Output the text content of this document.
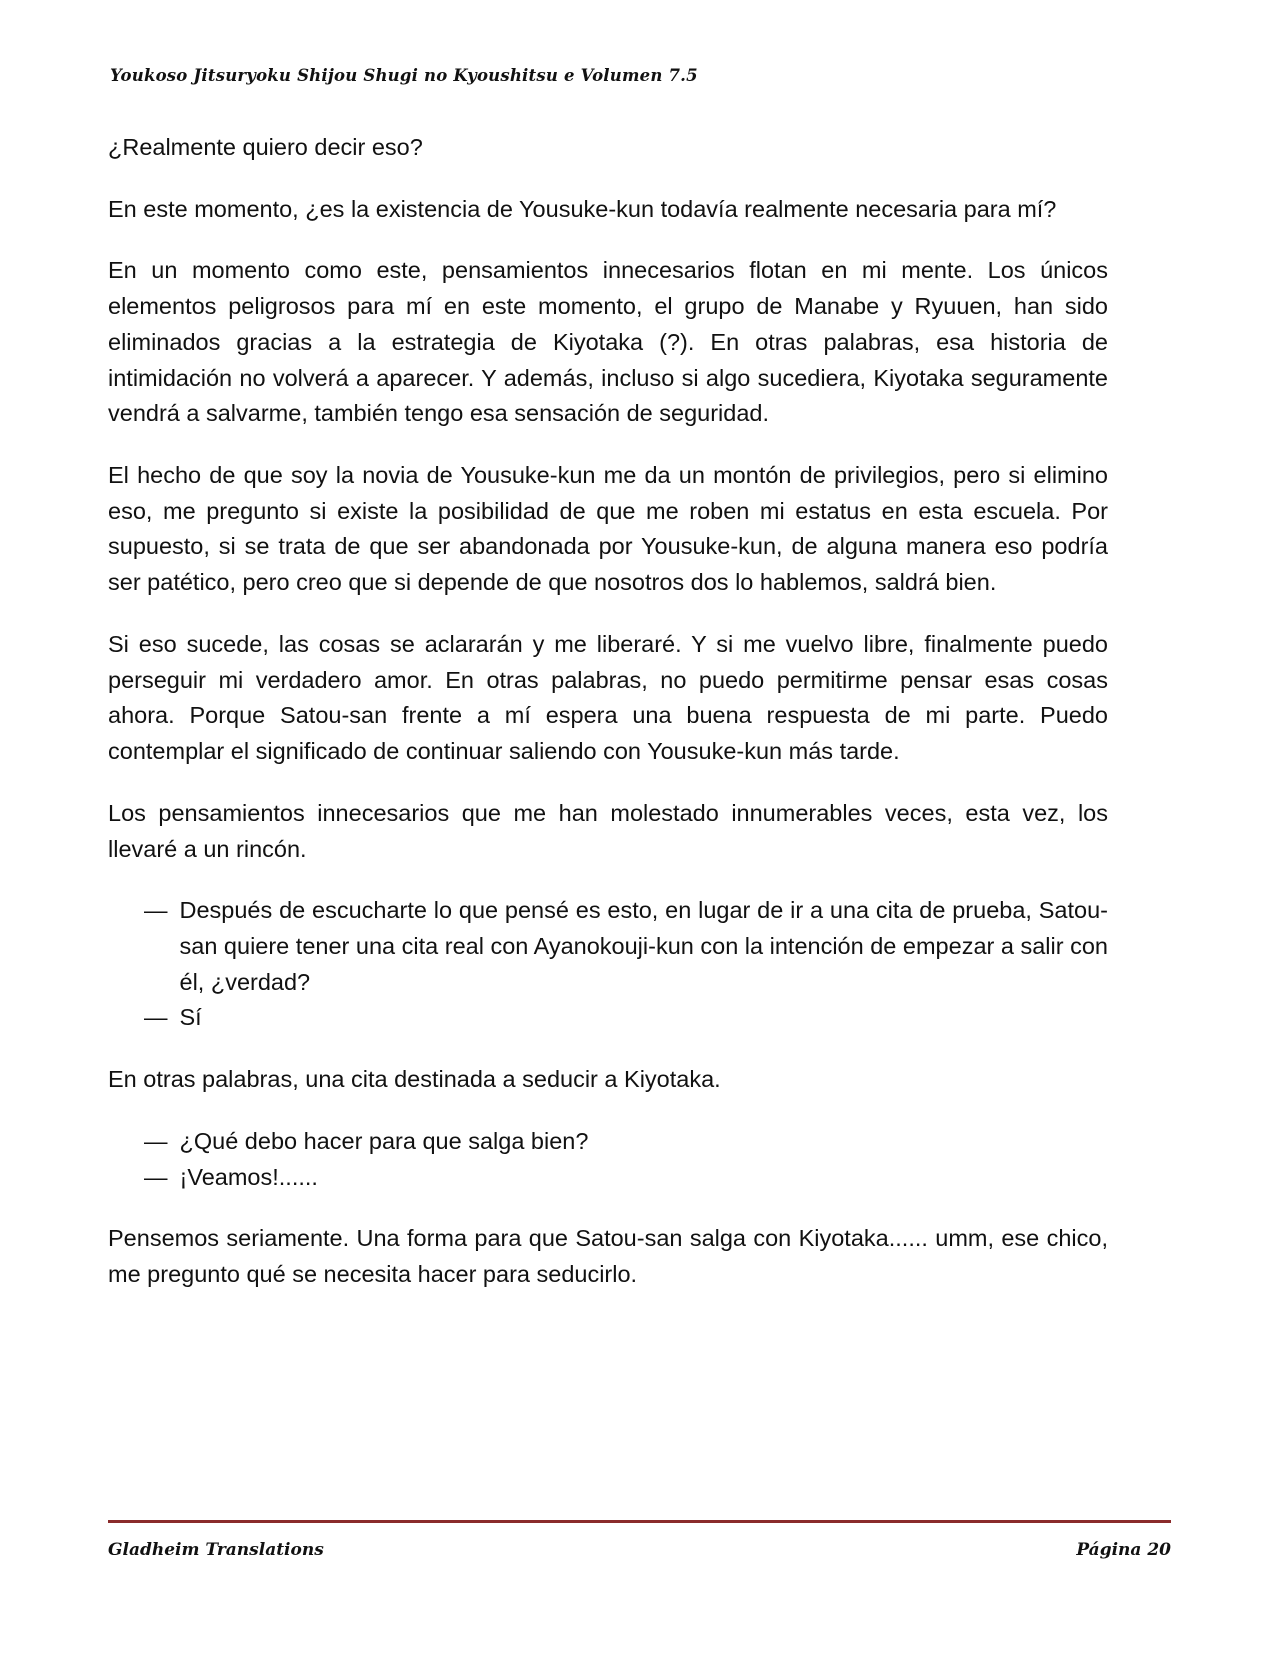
Youkoso Jitsuryoku Shijou Shugi no Kyoushitsu e Volumen 7.5

¿Realmente quiero decir eso?

En este momento, ¿es la existencia de Yousuke-kun todavía realmente necesaria para mí?

En un momento como este, pensamientos innecesarios flotan en mi mente. Los únicos elementos peligrosos para mí en este momento, el grupo de Manabe y Ryuuen, han sido eliminados gracias a la estrategia de Kiyotaka (?). En otras palabras, esa historia de intimidación no volverá a aparecer. Y además, incluso si algo sucediera, Kiyotaka seguramente vendrá a salvarme, también tengo esa sensación de seguridad.

El hecho de que soy la novia de Yousuke-kun me da un montón de privilegios, pero si elimino eso, me pregunto si existe la posibilidad de que me roben mi estatus en esta escuela. Por supuesto, si se trata de que ser abandonada por Yousuke-kun, de alguna manera eso podría ser patético, pero creo que si depende de que nosotros dos lo hablemos, saldrá bien.

Si eso sucede, las cosas se aclararán y me liberaré. Y si me vuelvo libre, finalmente puedo perseguir mi verdadero amor. En otras palabras, no puedo permitirme pensar esas cosas ahora. Porque Satou-san frente a mí espera una buena respuesta de mi parte. Puedo contemplar el significado de continuar saliendo con Yousuke-kun más tarde.

Los pensamientos innecesarios que me han molestado innumerables veces, esta vez, los llevaré a un rincón.

— Después de escucharte lo que pensé es esto, en lugar de ir a una cita de prueba, Satou-san quiere tener una cita real con Ayanokouji-kun con la intención de empezar a salir con él, ¿verdad?
— Sí

En otras palabras, una cita destinada a seducir a Kiyotaka.

— ¿Qué debo hacer para que salga bien?
— ¡Veamos!......

Pensemos seriamente. Una forma para que Satou-san salga con Kiyotaka...... umm, ese chico, me pregunto qué se necesita hacer para seducirlo.

Gladheim Translations	Página 20
